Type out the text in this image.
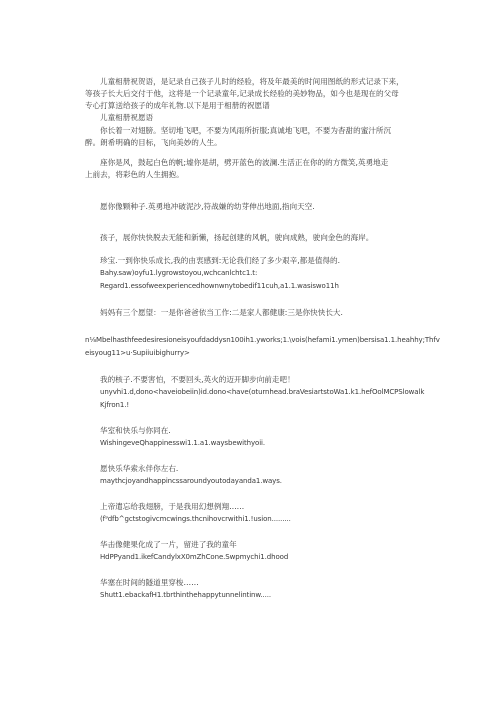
儿童相册祝贺语，是记录自己孩子儿时的经验，将及年最美的时间用图纸的形式记录下来，

等孩子长大后交付于他，这将是一个记录童年,记录成长经验的美妙物品，如今也是现在的父母

专心打算送给孩子的成年礼物.以下是用于相册的祝愿谱

儿童相册祝愿语

你长着一对翅膀。坚切地飞吧，不要为风雨所折服;真诚地飞吧，不要为杳甜的蜜汁所沉

醉。朗希明确的目标，飞向美妙的人生。

座你是风，鼓起白色的帆;墟你是胡，劈开蓝色的波澜.生活正在你的的方微笑,英勇地走

上前去，将彩色的人生拥抱。

愿你像颗种子.英勇地冲破泥沙,符战嫌的幼芽伸出地面,指向天空.

孩子，展你快快脱去无能和新懒，扬起创建的风帆，驶向成熟，驶向金色的海岸。

珍宝.一到你快乐成长,我的由衷感到:无论我们经了多少艰辛,都是值得的.

Bahy.saw)oyfu1.lygrowstoyou,wchcanlchtc1.t:

Regard1.essofweexperiencedhownwnytobedif11cuh,a1.1.wasiswo11h

妈妈有三个愿望：一是你爸爸依当工作:二是家人都健康:三是你快快长大.

n⅛Mbelhasthfeedesiresioneisyoufdaddysn100ih1.yworks;1.\vois(hefami1.ymen)bersisa1.1.heahhy;Thfv

eisyoug11>u·Supiiuibighurry>

我的核子.不要害怕，不要回头,英火的迈开脚步向前走吧！

unyvhi1.d,dono<haveiobeiin)id.dono<have(oturnhead.braVesiartstoWa1.k1.hefOolMCPSlowalk

Kjfron1.!

华室和快乐与你同在.

WishingeveQhappinesswi1.1.a1.waysbewithyoii.

愿快乐华索永伴你左右.

maythcjoyandhappincssaroundyoutodayanda1.ways.

上帝遣忘给我翅膀，于是我用幻想例翔……

(f⁹dfb^gctstogivcmcwings.thcnihovcrwithi1.!usion.........

华击像健果化成了一片，留进了我的童年

HdPPyand1.ikefCandylxX0mZhCone.Swpmychi1.dhood

华塞在时间的隧道里穿梭……

Shutt1.ebackafH1.tbrthinthehappytunnelintinw.....
